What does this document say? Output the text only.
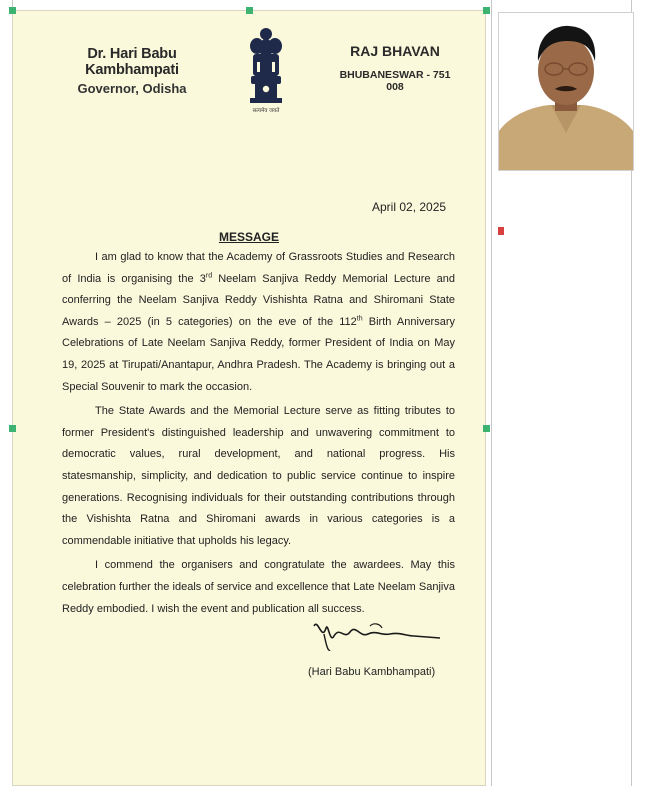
Dr. Hari Babu Kambhampati
Governor, Odisha
सत्यमेव जयते
RAJ BHAVAN
BHUBANESWAR - 751 008
April 02, 2025
MESSAGE

I am glad to know that the Academy of Grassroots Studies and Research of India is organising the 3rd Neelam Sanjiva Reddy Memorial Lecture and conferring the Neelam Sanjiva Reddy Vishishta Ratna and Shiromani State Awards – 2025 (in 5 categories) on the eve of the 112th Birth Anniversary Celebrations of Late Neelam Sanjiva Reddy, former President of India on May 19, 2025 at Tirupati/Anantapur, Andhra Pradesh. The Academy is bringing out a Special Souvenir to mark the occasion.

The State Awards and the Memorial Lecture serve as fitting tributes to former President's distinguished leadership and unwavering commitment to democratic values, rural development, and national progress. His statesmanship, simplicity, and dedication to public service continue to inspire generations. Recognising individuals for their outstanding contributions through the Vishishta Ratna and Shiromani awards in various categories is a commendable initiative that upholds his legacy.

I commend the organisers and congratulate the awardees. May this celebration further the ideals of service and excellence that Late Neelam Sanjiva Reddy embodied. I wish the event and publication all success.

(Hari Babu Kambhampati)
